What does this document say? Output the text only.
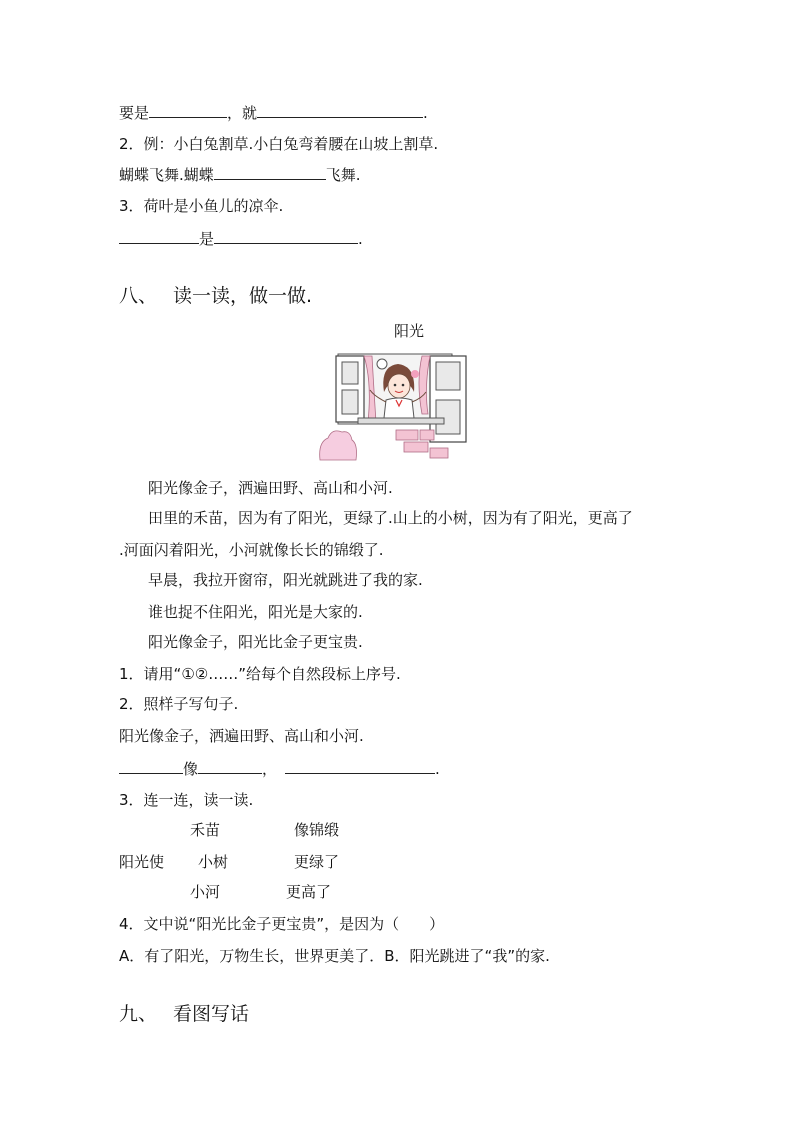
要是	，就	.
2．例：小白兔割草.小白兔弯着腰在山坡上割草.
蝴蝶飞舞.蝴蝶	飞舞.
3．荷叶是小鱼儿的凉伞.
是	.
八、 读一读，做一做.
阳光
阳光像金子，洒遍田野、高山和小河.
田里的禾苗，因为有了阳光，更绿了.山上的小树，因为有了阳光，更高了
.河面闪着阳光，小河就像长长的锦缎了.
早晨，我拉开窗帘，阳光就跳进了我的家.
谁也捉不住阳光，阳光是大家的.
阳光像金子，阳光比金子更宝贵.
1．请用“①②……”给每个自然段标上序号.
2．照样子写句子.
阳光像金子，洒遍田野、高山和小河.
像	，	.
3．连一连，读一读.
禾苗	像锦缎
阳光使 小树	更绿了
小河	更高了
4．文中说“阳光比金子更宝贵”，是因为（　　）
A．有了阳光，万物生长，世界更美了．B．阳光跳进了“我”的家.
九、 看图写话
